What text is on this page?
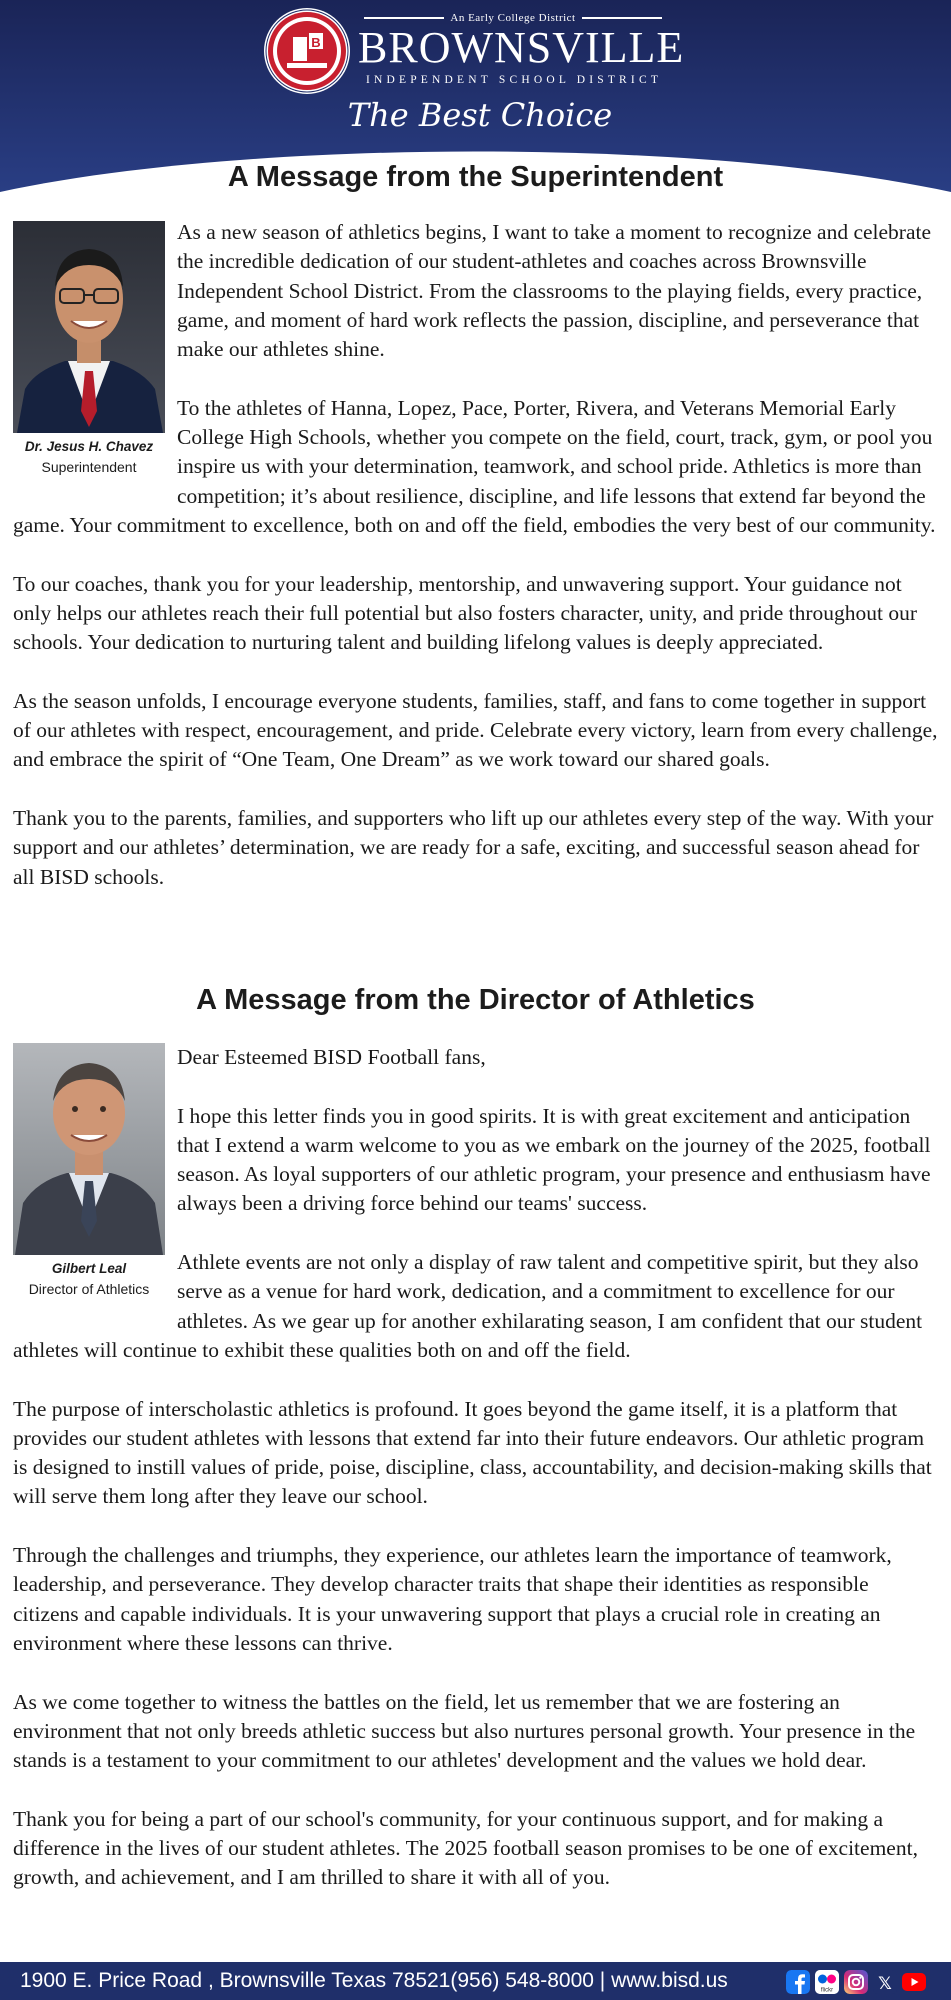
B
An Early College District
BROWNSVILLE
INDEPENDENT SCHOOL DISTRICT
The Best Choice
A Message from the Superintendent
Dr. Jesus H. Chavez
Superintendent

As a new season of athletics begins, I want to take a moment to recognize and celebrate the incredible dedication of our student-athletes and coaches across Brownsville Independent School District. From the classrooms to the playing fields, every practice, game, and moment of hard work reflects the passion, discipline, and perseverance that make our athletes shine.

To the athletes of Hanna, Lopez, Pace, Porter, Rivera, and Veterans Memorial Early College High Schools, whether you compete on the field, court, track, gym, or pool you inspire us with your determination, teamwork, and school pride. Athletics is more than competition; it’s about resilience, discipline, and life lessons that extend far beyond the game. Your commitment to excellence, both on and off the field, embodies the very best of our community.

To our coaches, thank you for your leadership, mentorship, and unwavering support. Your guidance not only helps our athletes reach their full potential but also fosters character, unity, and pride throughout our schools. Your dedication to nurturing talent and building lifelong values is deeply appreciated.

As the season unfolds, I encourage everyone students, families, staff, and fans to come together in support of our athletes with respect, encouragement, and pride. Celebrate every victory, learn from every challenge, and embrace the spirit of “One Team, One Dream” as we work toward our shared goals.

Thank you to the parents, families, and supporters who lift up our athletes every step of the way. With your support and our athletes’ determination, we are ready for a safe, exciting, and successful season ahead for all BISD schools.

A Message from the Director of Athletics
Gilbert Leal
Director of Athletics

Dear Esteemed BISD Football fans,

I hope this letter finds you in good spirits. It is with great excitement and anticipation that I extend a warm welcome to you as we embark on the journey of the 2025, football season. As loyal supporters of our athletic program, your presence and enthusiasm have always been a driving force behind our teams' success.

Athlete events are not only a display of raw talent and competitive spirit, but they also serve as a venue for hard work, dedication, and a commitment to excellence for our athletes. As we gear up for another exhilarating season, I am confident that our student athletes will continue to exhibit these qualities both on and off the field.

The purpose of interscholastic athletics is profound. It goes beyond the game itself, it is a platform that provides our student athletes with lessons that extend far into their future endeavors. Our athletic program is designed to instill values of pride, poise, discipline, class, accountability, and decision-making skills that will serve them long after they leave our school.

Through the challenges and triumphs, they experience, our athletes learn the importance of teamwork, leadership, and perseverance. They develop character traits that shape their identities as responsible citizens and capable individuals. It is your unwavering support that plays a crucial role in creating an environment where these lessons can thrive.

As we come together to witness the battles on the field, let us remember that we are fostering an environment that not only breeds athletic success but also nurtures personal growth. Your presence in the stands is a testament to your commitment to our athletes' development and the values we hold dear.

Thank you for being a part of our school's community, for your continuous support, and for making a difference in the lives of our student athletes. The 2025 football season promises to be one of excitement, growth, and achievement, and I am thrilled to share it with all of you.

1900 E. Price Road , Brownsville Texas 78521(956) 548-8000 | www.bisd.us	flickr	𝕏
